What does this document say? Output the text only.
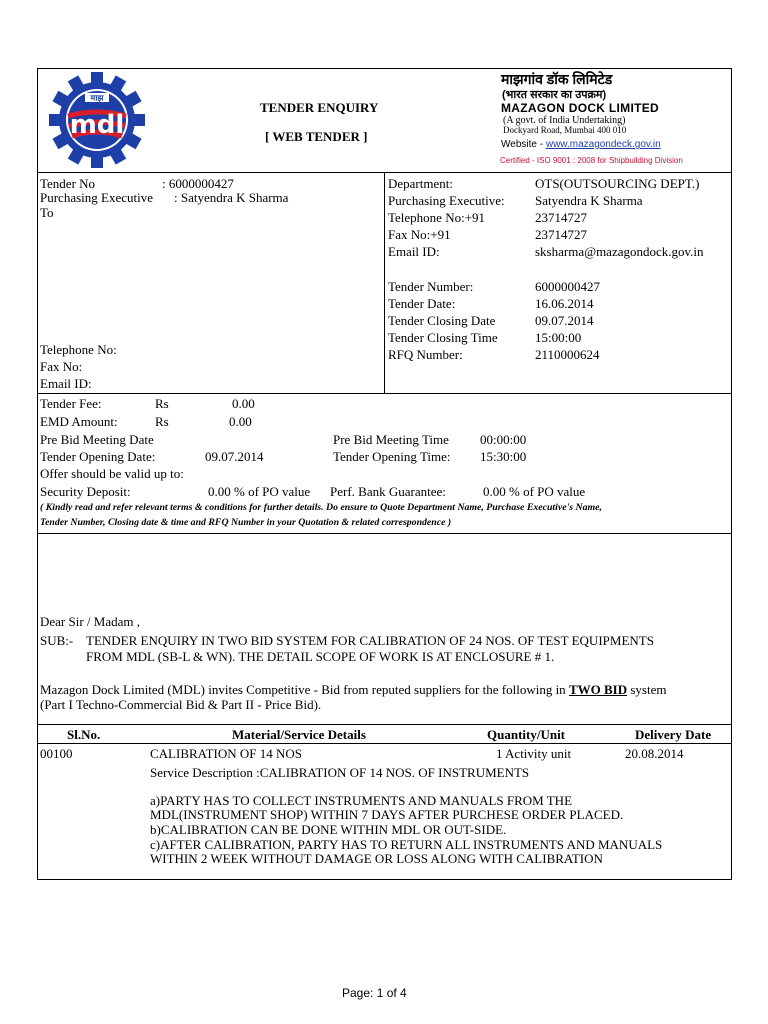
माझ
mdl
TENDER ENQUIRY
[ WEB TENDER ]
माझगांव डॉक लिमिटेड
(भारत सरकार का उपक्रम)
MAZAGON DOCK LIMITED
(A govt. of India Undertaking)
Dockyard Road, Mumbai 400 010
Website - www.mazagondeck.gov.in
Certified - ISO 9001 : 2008 for Shipbuilding Division
Tender No	: 6000000427
Purchasing Executive : Satyendra K Sharma
To
Telephone No:
Fax No:
Email ID:
Department:	OTS(OUTSOURCING DEPT.)
Purchasing Executive: Satyendra K Sharma
Telephone No:+91	23714727
Fax No:+91	23714727
Email ID:	sksharma@mazagondock.gov.in
Tender Number:	6000000427
Tender Date:	16.06.2014
Tender Closing Date	09.07.2014
Tender Closing Time	15:00:00
RFQ Number:	2110000624
Tender Fee:	Rs	0.00
EMD Amount:	Rs	0.00
Pre Bid Meeting Date	Pre Bid Meeting Time 00:00:00
Tender Opening Date:	09.07.2014	Tender Opening Time: 15:30:00
Offer should be valid up to:
Security Deposit:	0.00 % of PO value Perf. Bank Guarantee:	0.00 % of PO value
( Kindly read and refer relevant terms & conditions for further details. Do ensure to Quote Department Name, Purchase Executive's Name,
Tender Number, Closing date & time and RFQ Number in your Quotation & related correspondence )
Dear Sir / Madam ,
SUB:- TENDER ENQUIRY IN TWO BID SYSTEM FOR CALIBRATION OF 24 NOS. OF TEST EQUIPMENTS
FROM MDL (SB-L & WN). THE DETAIL SCOPE OF WORK IS AT ENCLOSURE # 1.
Mazagon Dock Limited (MDL) invites Competitive - Bid from reputed suppliers for the following in TWO BID system
(Part I Techno-Commercial Bid & Part II - Price Bid).
Sl.No.	Material/Service Details	Quantity/Unit	Delivery Date
00100	CALIBRATION OF 14 NOS	1 Activity unit	20.08.2014
Service Description :CALIBRATION OF 14 NOS. OF INSTRUMENTS
a)PARTY HAS TO COLLECT INSTRUMENTS AND MANUALS FROM THE
MDL(INSTRUMENT SHOP) WITHIN 7 DAYS AFTER PURCHESE ORDER PLACED.
b)CALIBRATION CAN BE DONE WITHIN MDL OR OUT-SIDE.
c)AFTER CALIBRATION, PARTY HAS TO RETURN ALL INSTRUMENTS AND MANUALS
WITHIN 2 WEEK WITHOUT DAMAGE OR LOSS ALONG WITH CALIBRATION
Page: 1 of 4
